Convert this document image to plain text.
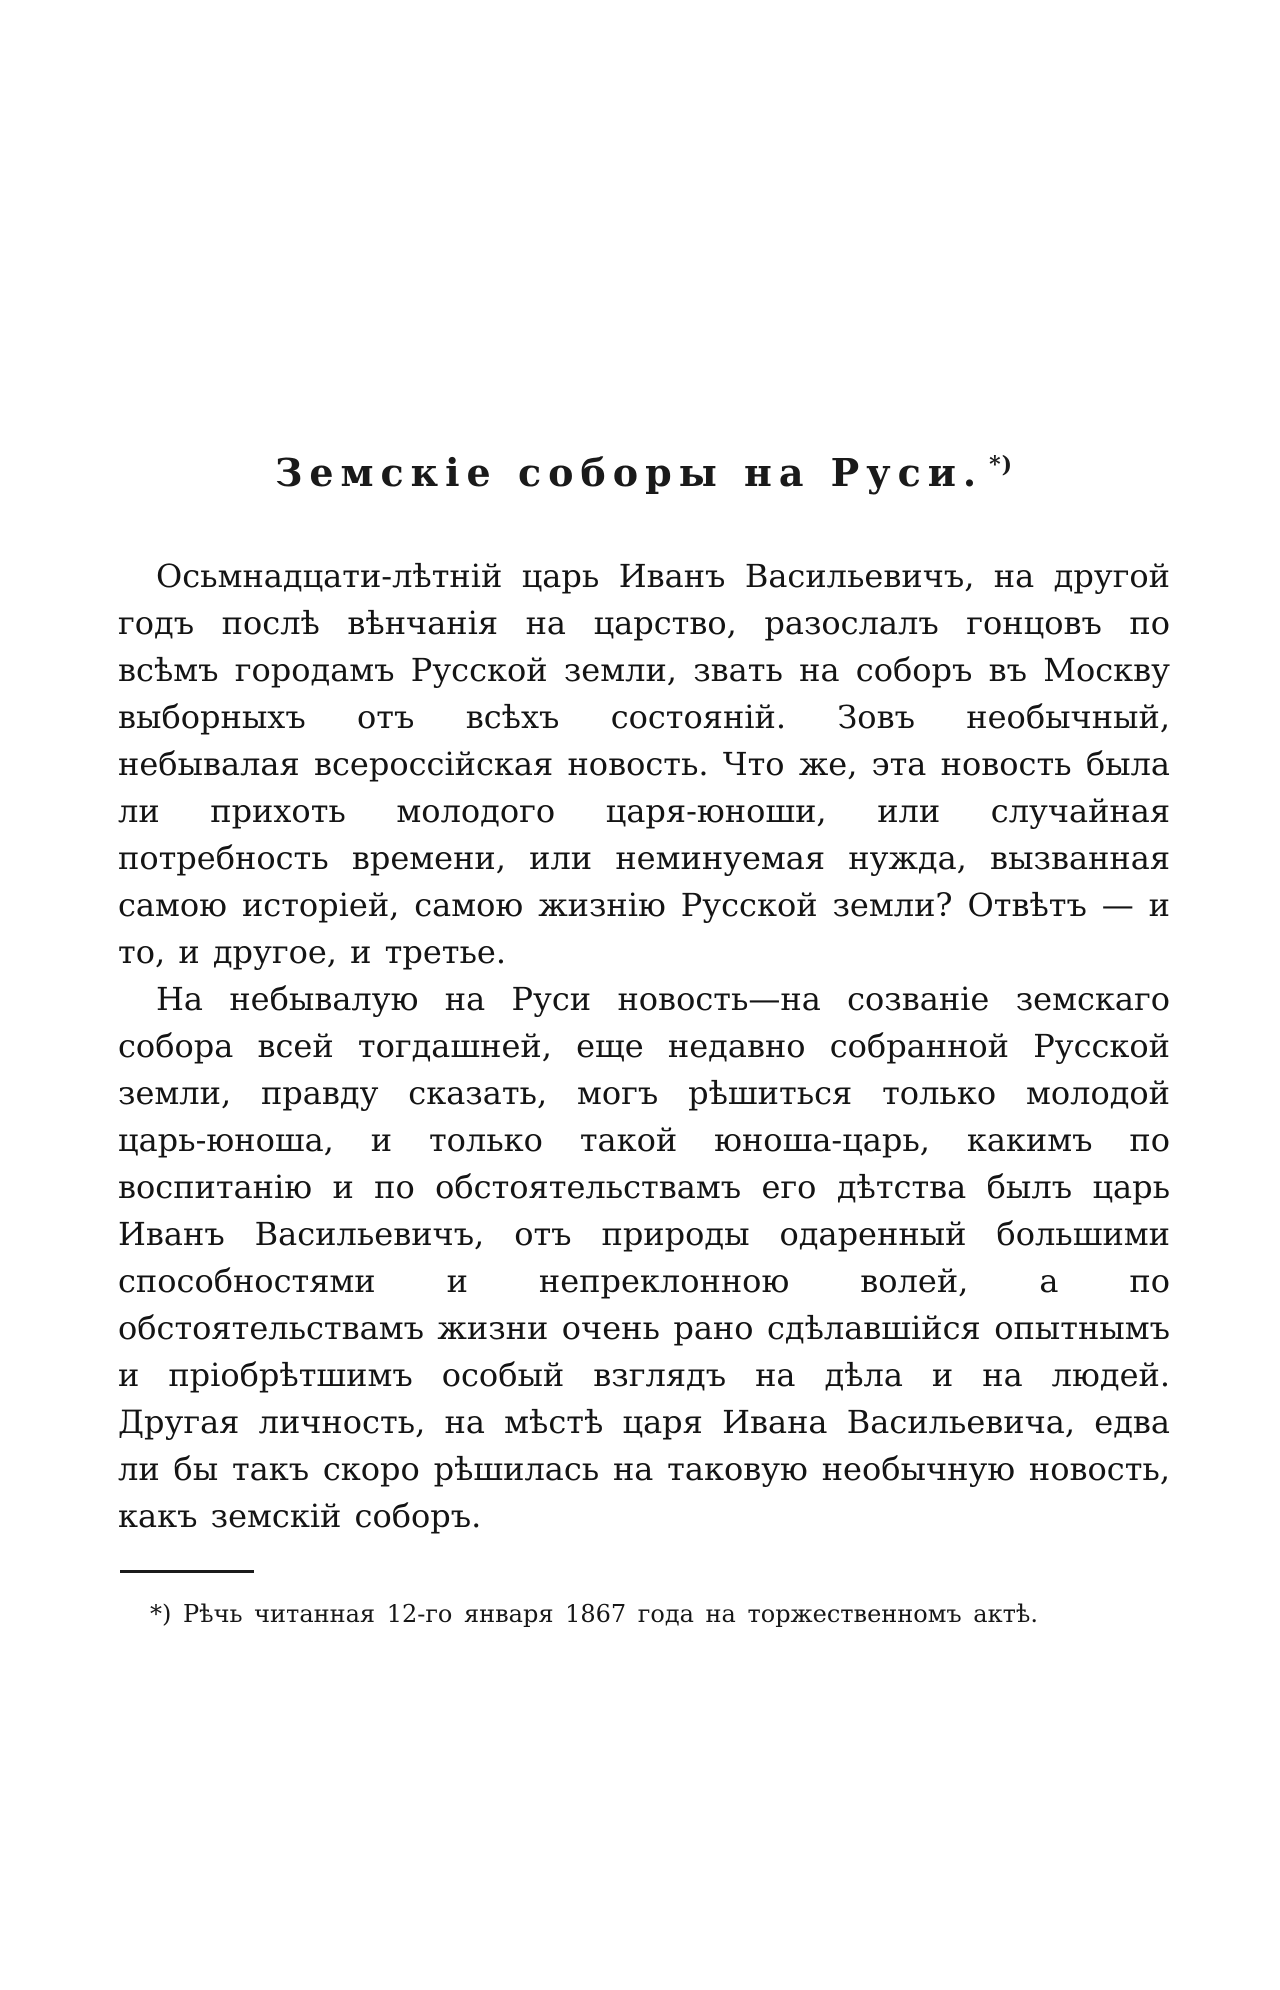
Земскіе соборы на Руси. *)

Осьмнадцати-лѣтній царь Иванъ Васильевичъ, на другой годъ послѣ вѣнчанія на царство, разослалъ гонцовъ по всѣмъ городамъ Русской земли, звать на соборъ въ Москву выборныхъ отъ всѣхъ состояній. Зовъ необычный, небывалая всероссійская новость. Что же, эта новость была ли прихоть молодого царя-юноши, или случайная потребность времени, или неминуемая нужда, вызванная самою исторіей, самою жизнію Русской земли? Отвѣтъ — и то, и другое, и третье.

На небывалую на Руси новость—на созваніе земскаго собора всей тогдашней, еще недавно собранной Русской земли, правду сказать, могъ рѣшиться только молодой царь-юноша, и только такой юноша-царь, какимъ по воспитанію и по обстоятельствамъ его дѣтства былъ царь Иванъ Васильевичъ, отъ природы одаренный большими способностями и непреклонною волей, а по обстоятельствамъ жизни очень рано сдѣлавшійся опытнымъ и пріобрѣтшимъ особый взглядъ на дѣла и на людей. Другая личность, на мѣстѣ царя Ивана Васильевича, едва ли бы такъ скоро рѣшилась на таковую необычную новость, какъ земскій соборъ.

*) Рѣчь читанная 12-го января 1867 года на торжественномъ актѣ.
